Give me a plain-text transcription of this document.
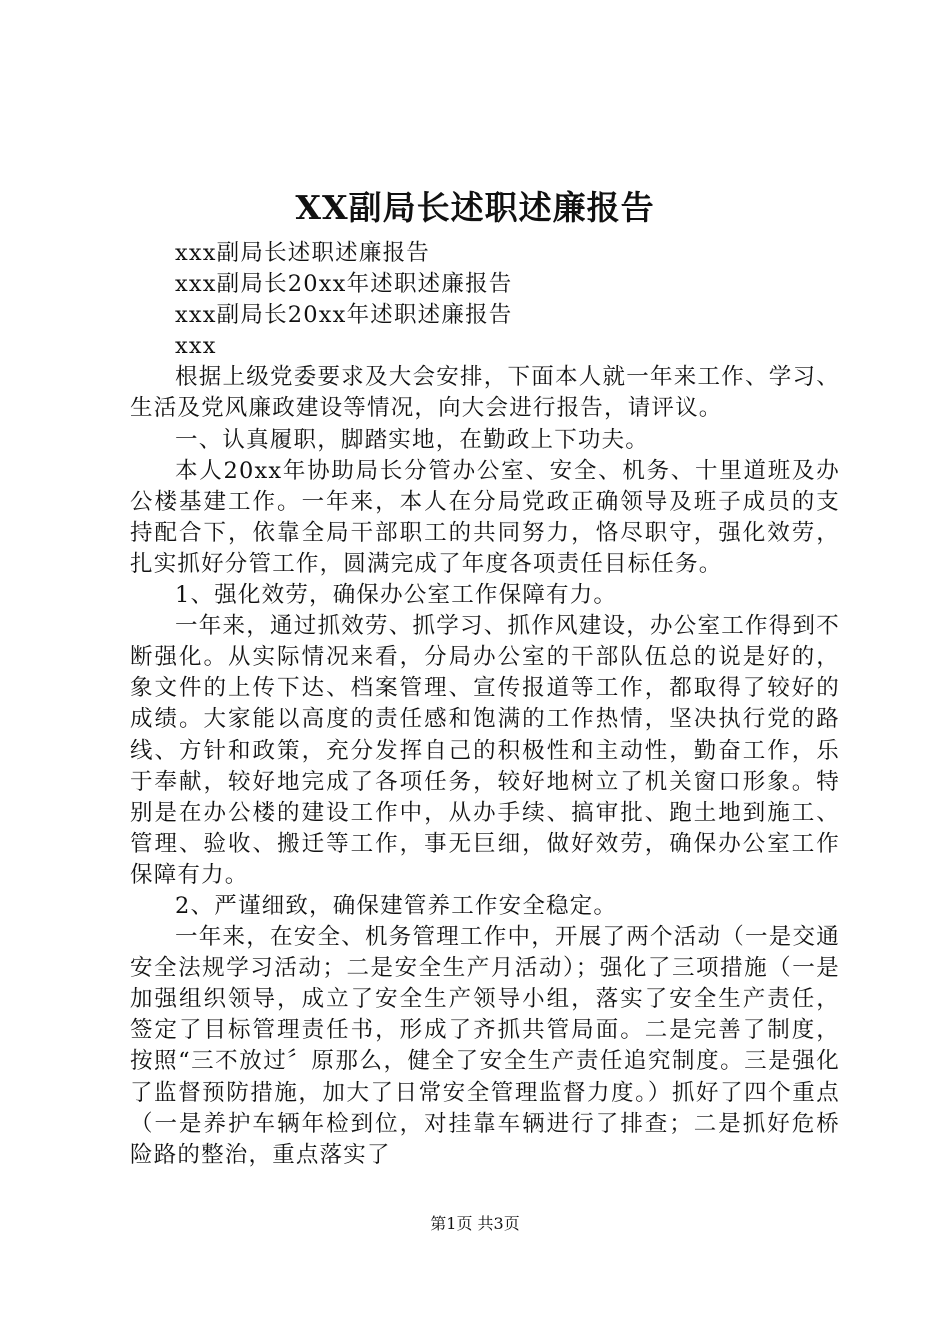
XX副局长述职述廉报告

xxx副局长述职述廉报告

xxx副局长20xx年述职述廉报告

xxx副局长20xx年述职述廉报告

xxx

根据上级党委要求及大会安排，下面本人就一年来工作、学习、生活及党风廉政建设等情况，向大会进行报告，请评议。

一、认真履职，脚踏实地，在勤政上下功夫。

本人20xx年协助局长分管办公室、安全、机务、十里道班及办公楼基建工作。一年来，本人在分局党政正确领导及班子成员的支持配合下，依靠全局干部职工的共同努力，恪尽职守，强化效劳，扎实抓好分管工作，圆满完成了年度各项责任目标任务。

1、强化效劳，确保办公室工作保障有力。

一年来，通过抓效劳、抓学习、抓作风建设，办公室工作得到不断强化。从实际情况来看，分局办公室的干部队伍总的说是好的，象文件的上传下达、档案管理、宣传报道等工作，都取得了较好的成绩。大家能以高度的责任感和饱满的工作热情，坚决执行党的路线、方针和政策，充分发挥自己的积极性和主动性，勤奋工作，乐于奉献，较好地完成了各项任务，较好地树立了机关窗口形象。特别是在办公楼的建设工作中，从办手续、搞审批、跑土地到施工、管理、验收、搬迁等工作，事无巨细，做好效劳，确保办公室工作保障有力。

2、严谨细致，确保建管养工作安全稳定。

一年来，在安全、机务管理工作中，开展了两个活动（一是交通安全法规学习活动；二是安全生产月活动）；强化了三项措施（一是加强组织领导，成立了安全生产领导小组，落实了安全生产责任，签定了目标管理责任书，形成了齐抓共管局面。二是完善了制度，按照“三不放过〞原那么，健全了安全生产责任追究制度。三是强化了监督预防措施，加大了日常安全管理监督力度。）抓好了四个重点（一是养护车辆年检到位，对挂靠车辆进行了排查；二是抓好危桥险路的整治，重点落实了

第1页 共3页
